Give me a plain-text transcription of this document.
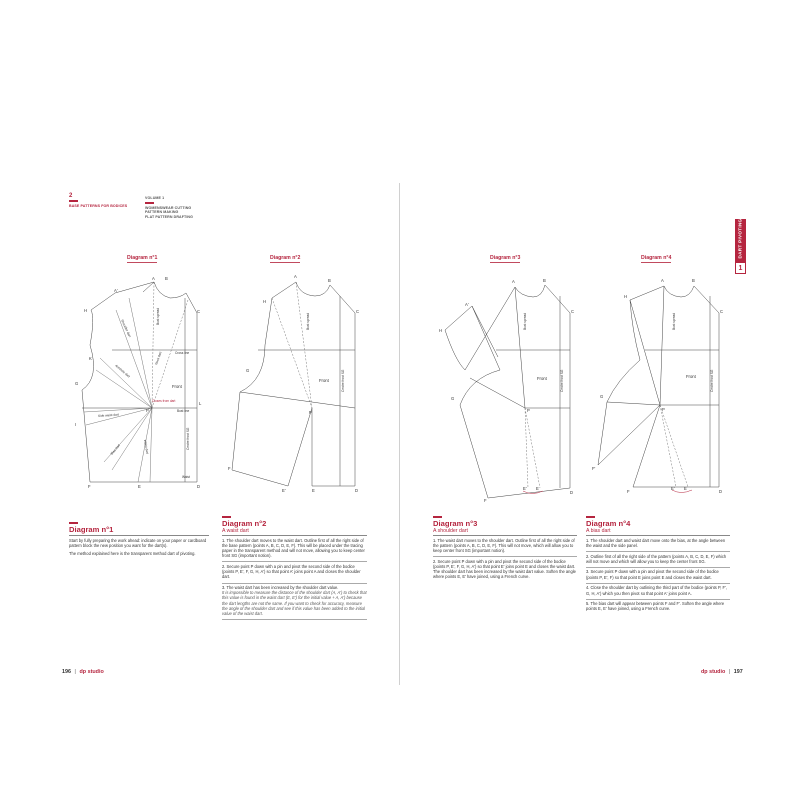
2
BASE PATTERNS FOR BODICES
VOLUME 1
WOMENSWEAR CUTTING
PATTERN MAKING
FLAT PATTERN DRAFTING
DART PIVOTING
1
Diagram n°1	Diagram n°2	Diagram n°3	Diagram n°4
A'
A B
C
H
K
G
I
F	E	D
P
L
Cross line
Front
Bust line
Closes from dart
Waist
Centre front SG
Bust spread
Shoulder dart
Armhole dart
Side waist dart
Bias dart	Waist dart
Neck dart
A
B
C
H
G
F
P
E'	E	D
Front	Centre front SG
Bust spread
A	B
C
A'
H
G
F
P
E' E
D
Front	Centre front SG
Bust spread
A	B
C
H
G
F'
F
P
E' E
D
Front	Centre front SG
Bust spread
Diagram n°1

Start by fully preparing the work ahead: indicate on your paper or cardboard pattern block the new position you want for the dart(s).

The method explained here is the transparent method dart of pivoting.

Diagram n°2
A waist dart

1. The shoulder dart moves to the waist dart. Outline first of all the right side of the base pattern (points A, B, C, D, E, F). This will be placed under the tracing paper in the transparent method and will not move, allowing you to keep center front SG (important notion).

2. Secure point P down with a pin and pivot the second side of the bodice (points P, E', F, G, H, A') so that point A' joins point A and closes the shoulder dart.

3. The waist dart has been increased by the shoulder dart value.

It is impossible to measure the distance of the shoulder dart (A, A') to check that this value is found in the waist dart (E, E') for the initial value + A, A') because the dart lengths are not the same. If you want to check for accuracy, measure the angle of the shoulder dart and see if this value has been added to the initial value of the waist dart.

Diagram n°3
A shoulder dart

1. The waist dart moves to the shoulder dart. Outline first of all the right side of the pattern (points A, B, C, D, E, F). This will not move, which will allow you to keep center front SG (important notion).

2. Secure point P down with a pin and pivot the second side of the bodice (points P, E', F, G, H, A') so that point E' joins point E and closes the waist dart. The shoulder dart has been increased by the waist dart value. Soften the angle where points E, E' have joined, using a French curve.

Diagram n°4
A bias dart

1. The shoulder dart and waist dart move onto the bias, at the angle between the waist and the side panel.

2. Outline first of all the right side of the pattern (points A, B, C, D, E, F) which will not move and which will allow you to keep the center front SG.

3. Secure point P down with a pin and pivot the second side of the bodice (points P, E', F) so that point E joins point E and closes the waist dart.

4. Close the shoulder dart by outlining the third part of the bodice (points P, F', G, H, A') which you then pivot so that point A' joins point A.

5. The bias dart will appear between points F and F'. Soften the angle where points E, E' have joined, using a French curve.

196 | dp studio	dp studio | 197
